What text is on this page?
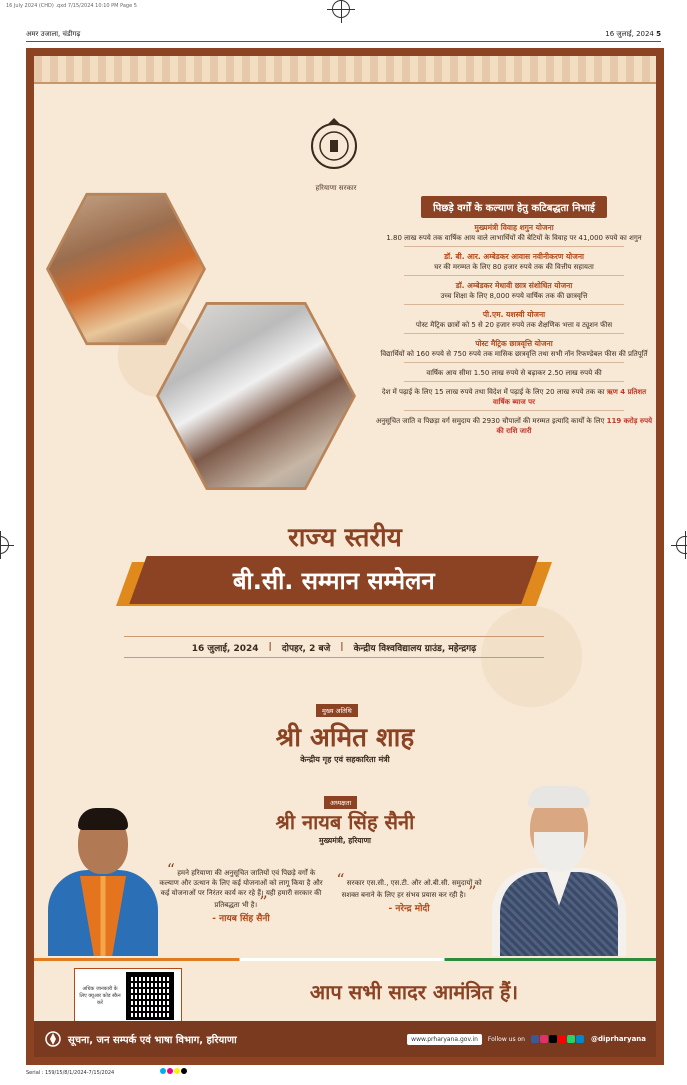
16 July 2024 (CHD) .qxd 7/15/2024 10:10 PM Page 5
अमर उजाला, चंडीगढ़	16 जुलाई, 2024 5
हरियाणा सरकार
पिछड़े वर्गों के कल्याण हेतु कटिबद्धता निभाई
मुख्यमंत्री विवाह शगुन योजना
1.80 लाख रुपये तक वार्षिक आय वाले लाभार्थियों की बेटियों के विवाह पर 41,000 रुपये का शगुन
डॉ. बी. आर. अम्बेडकर आवास नवीनीकरण योजना
घर की मरम्मत के लिए 80 हजार रुपये तक की वित्तीय सहायता
डॉ. अम्बेडकर मेधावी छात्र संशोधित योजना
उच्च शिक्षा के लिए 8,000 रुपये वार्षिक तक की छात्रवृत्ति
पी.एम. यशस्वी योजना
पोस्ट मैट्रिक छात्रों को 5 से 20 हजार रुपये तक शैक्षणिक भत्ता व ट्यूशन फीस
पोस्ट मैट्रिक छात्रवृत्ति योजना
विद्यार्थियों को 160 रुपये से 750 रुपये तक मासिक छात्रवृत्ति तथा सभी नॉन रिफण्डेबल फीस की प्रतिपूर्ति
वार्षिक आय सीमा 1.50 लाख रुपये से बढ़ाकर 2.50 लाख रुपये की
देश में पढ़ाई के लिए 15 लाख रुपये तथा विदेश में पढ़ाई के लिए 20 लाख रुपये तक का ऋण 4 प्रतिशत वार्षिक ब्याज पर
अनुसूचित जाति व पिछड़ा वर्ग समुदाय की 2930 चौपालों की मरम्मत इत्यादि कार्यों के लिए 119 करोड़ रुपये की राशि जारी
राज्य स्तरीय
बी.सी. सम्मान सम्मेलन
16 जुलाई, 2024 | दोपहर, 2 बजे | केन्द्रीय विश्वविद्यालय ग्राउंड, महेन्द्रगढ़
मुख्य अतिथि
श्री अमित शाह
केन्द्रीय गृह एवं सहकारिता मंत्री
अध्यक्षता
श्री नायब सिंह सैनी
मुख्यमंत्री, हरियाणा
“ हमने हरियाणा की अनुसूचित जातियों एवं पिछड़े वर्गों के कल्याण और उत्थान के लिए कई योजनाओं को लागू किया है और कई योजनाओं पर निरंतर कार्य कर रहे हैं। यही हमारी सरकार की प्रतिबद्धता भी है। ”
- नायब सिंह सैनी
“ सरकार एस.सी., एस.टी. और ओ.बी.सी. समुदायों को सशक्त बनाने के लिए हर संभव प्रयास कर रही है। ”
- नरेन्द्र मोदी
अधिक जानकारी के लिए क्यूआर कोड स्कैन करें	आप सभी सादर आमंत्रित हैं।
सूचना, जन सम्पर्क एवं भाषा विभाग, हरियाणा	www.prharyana.gov.in	Follow us on	@diprharyana
Serial : 159/15/8/1/2024-7/15/2024
